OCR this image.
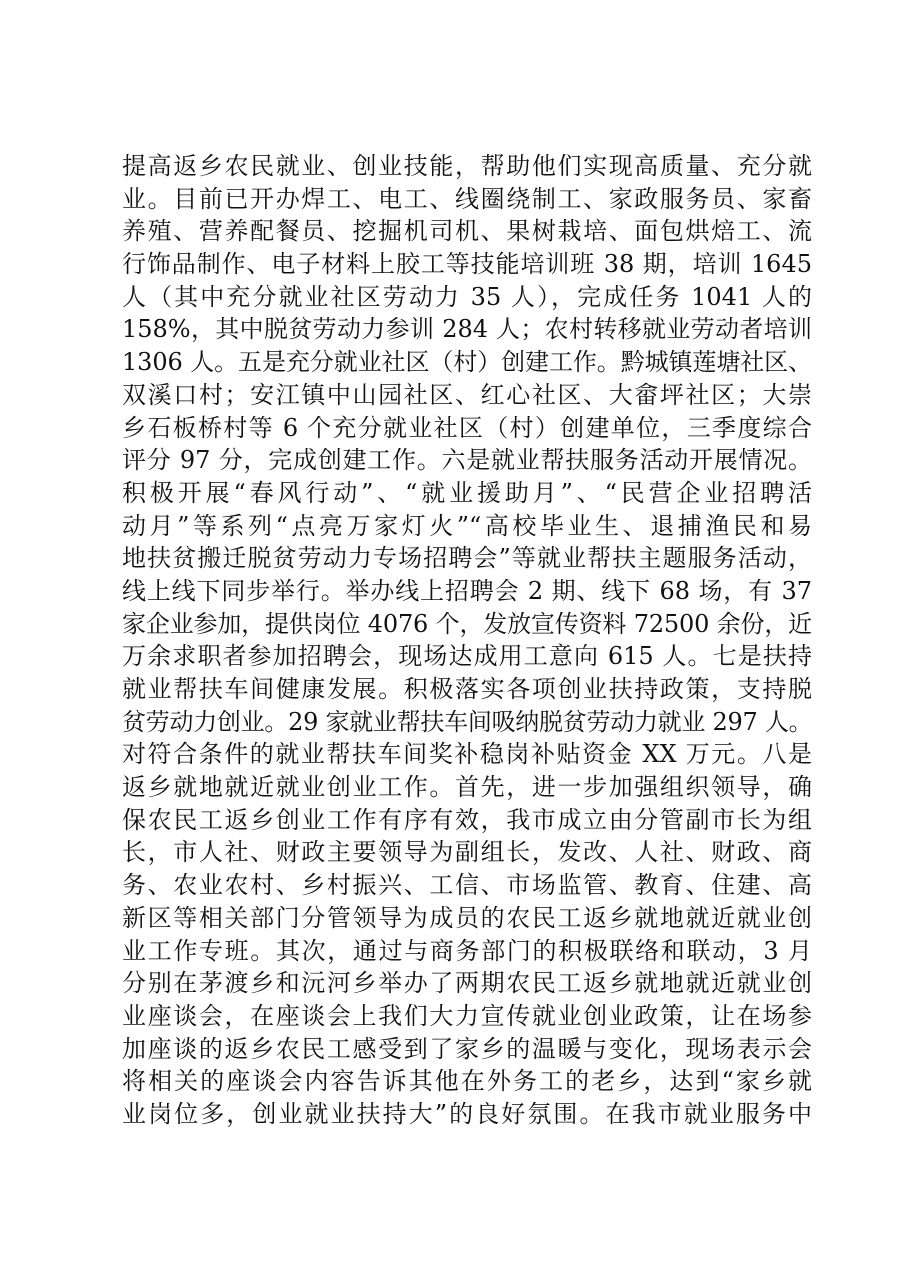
提高返乡农民就业、创业技能，帮助他们实现高质量、充分就
业。目前已开办焊工、电工、线圈绕制工、家政服务员、家畜
养殖、营养配餐员、挖掘机司机、果树栽培、面包烘焙工、流
行饰品制作、电子材料上胶工等技能培训班 38 期，培训 1645
人（其中充分就业社区劳动力 35 人），完成任务 1041 人的
158%，其中脱贫劳动力参训 284 人；农村转移就业劳动者培训
1306 人。五是充分就业社区（村）创建工作。黔城镇莲塘社区、
双溪口村；安江镇中山园社区、红心社区、大畲坪社区；大崇
乡石板桥村等 6 个充分就业社区（村）创建单位，三季度综合
评分 97 分，完成创建工作。六是就业帮扶服务活动开展情况。
积极开展“春风行动”、“就业援助月”、“民营企业招聘活
动月”等系列“点亮万家灯火”“高校毕业生、退捕渔民和易
地扶贫搬迁脱贫劳动力专场招聘会”等就业帮扶主题服务活动，
线上线下同步举行。举办线上招聘会 2 期、线下 68 场，有 37
家企业参加，提供岗位 4076 个，发放宣传资料 72500 余份，近
万余求职者参加招聘会，现场达成用工意向 615 人。七是扶持
就业帮扶车间健康发展。积极落实各项创业扶持政策，支持脱
贫劳动力创业。29 家就业帮扶车间吸纳脱贫劳动力就业 297 人。
对符合条件的就业帮扶车间奖补稳岗补贴资金 XX 万元。八是
返乡就地就近就业创业工作。首先，进一步加强组织领导，确
保农民工返乡创业工作有序有效，我市成立由分管副市长为组
长，市人社、财政主要领导为副组长，发改、人社、财政、商
务、农业农村、乡村振兴、工信、市场监管、教育、住建、高
新区等相关部门分管领导为成员的农民工返乡就地就近就业创
业工作专班。其次，通过与商务部门的积极联络和联动，3 月
分别在茅渡乡和沅河乡举办了两期农民工返乡就地就近就业创
业座谈会，在座谈会上我们大力宣传就业创业政策，让在场参
加座谈的返乡农民工感受到了家乡的温暖与变化，现场表示会
将相关的座谈会内容告诉其他在外务工的老乡，达到“家乡就
业岗位多，创业就业扶持大”的良好氛围。在我市就业服务中
